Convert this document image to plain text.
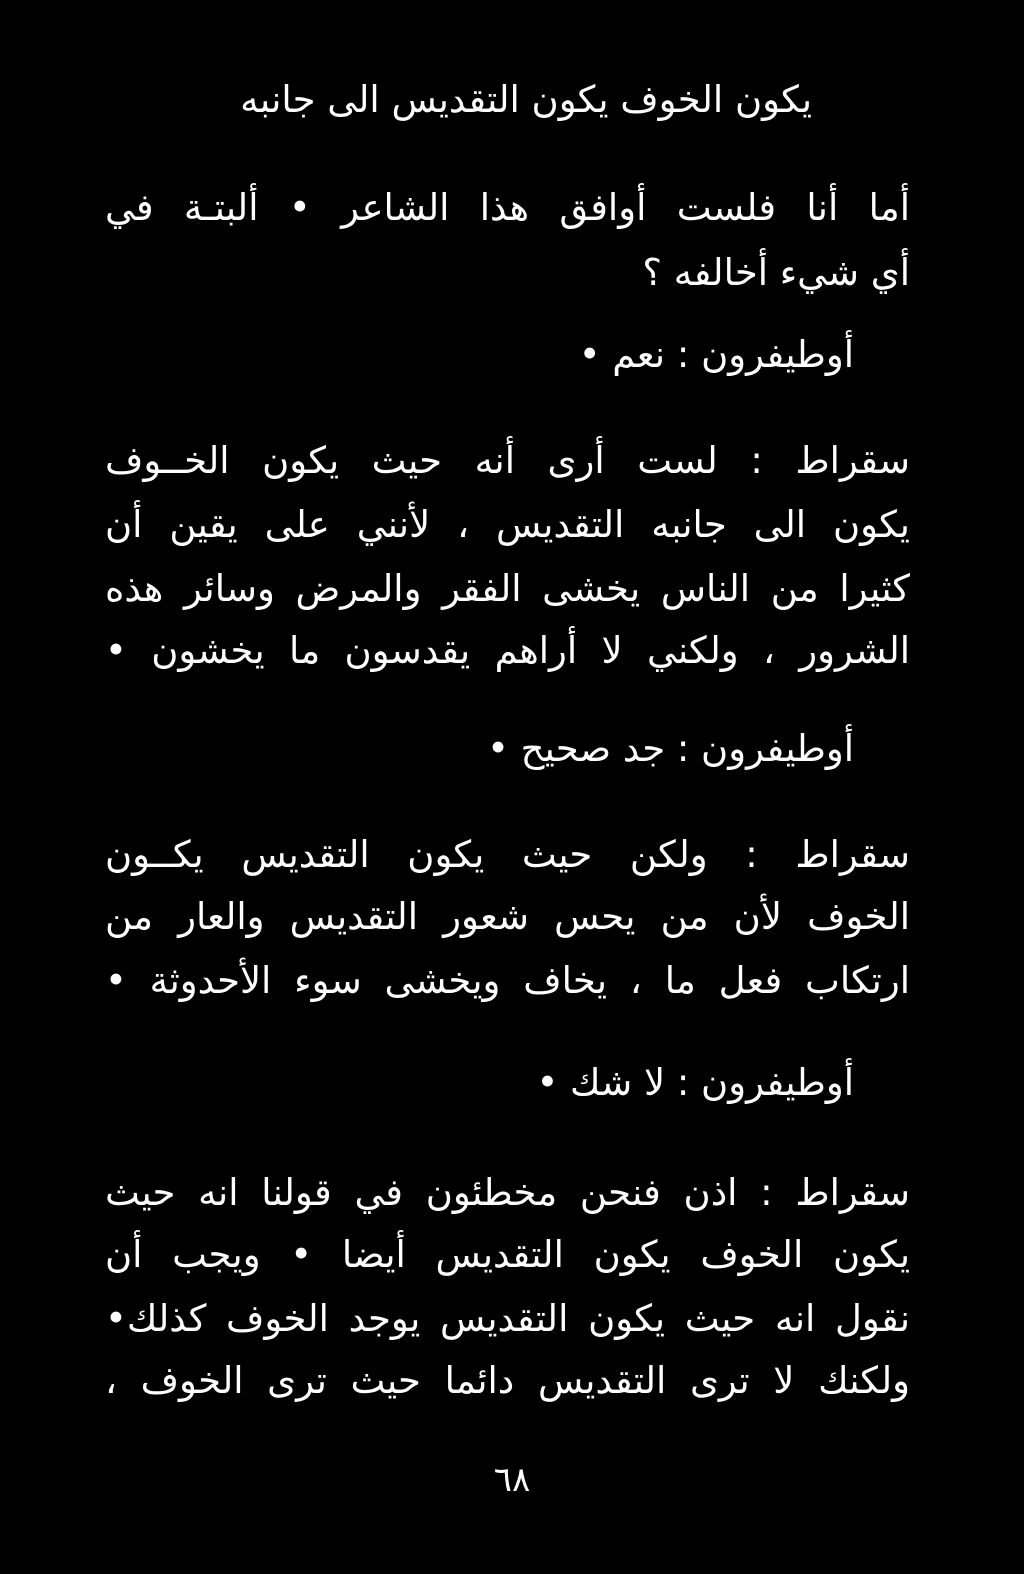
يكون الخوف يكون التقديس الى جانبه
أما أنا فلست أوافق هذا الشاعر • ألبتـة في
أي شيء أخالفه ؟
أوطيفرون : نعم •
سقراط : لست أرى أنه حيث يكون الخــوف
يكون الى جانبه التقديس ، لأنني على يقين أن
كثيرا من الناس يخشى الفقر والمرض وسائر هذه
الشرور ، ولكني لا أراهم يقدسون ما يخشون •
أوطيفرون : جد صحيح •
سقراط : ولكن حيث يكون التقديس يكــون
الخوف لأن من يحس شعور التقديس والعار من
ارتكاب فعل ما ، يخاف ويخشى سوء الأحدوثة •
أوطيفرون : لا شك •
سقراط : اذن فنحن مخطئون في قولنا انه حيث
يكون الخوف يكون التقديس أيضا • ويجب أن
نقول انه حيث يكون التقديس يوجد الخوف كذلك•
ولكنك لا ترى التقديس دائما حيث ترى الخوف ،
٦٨
